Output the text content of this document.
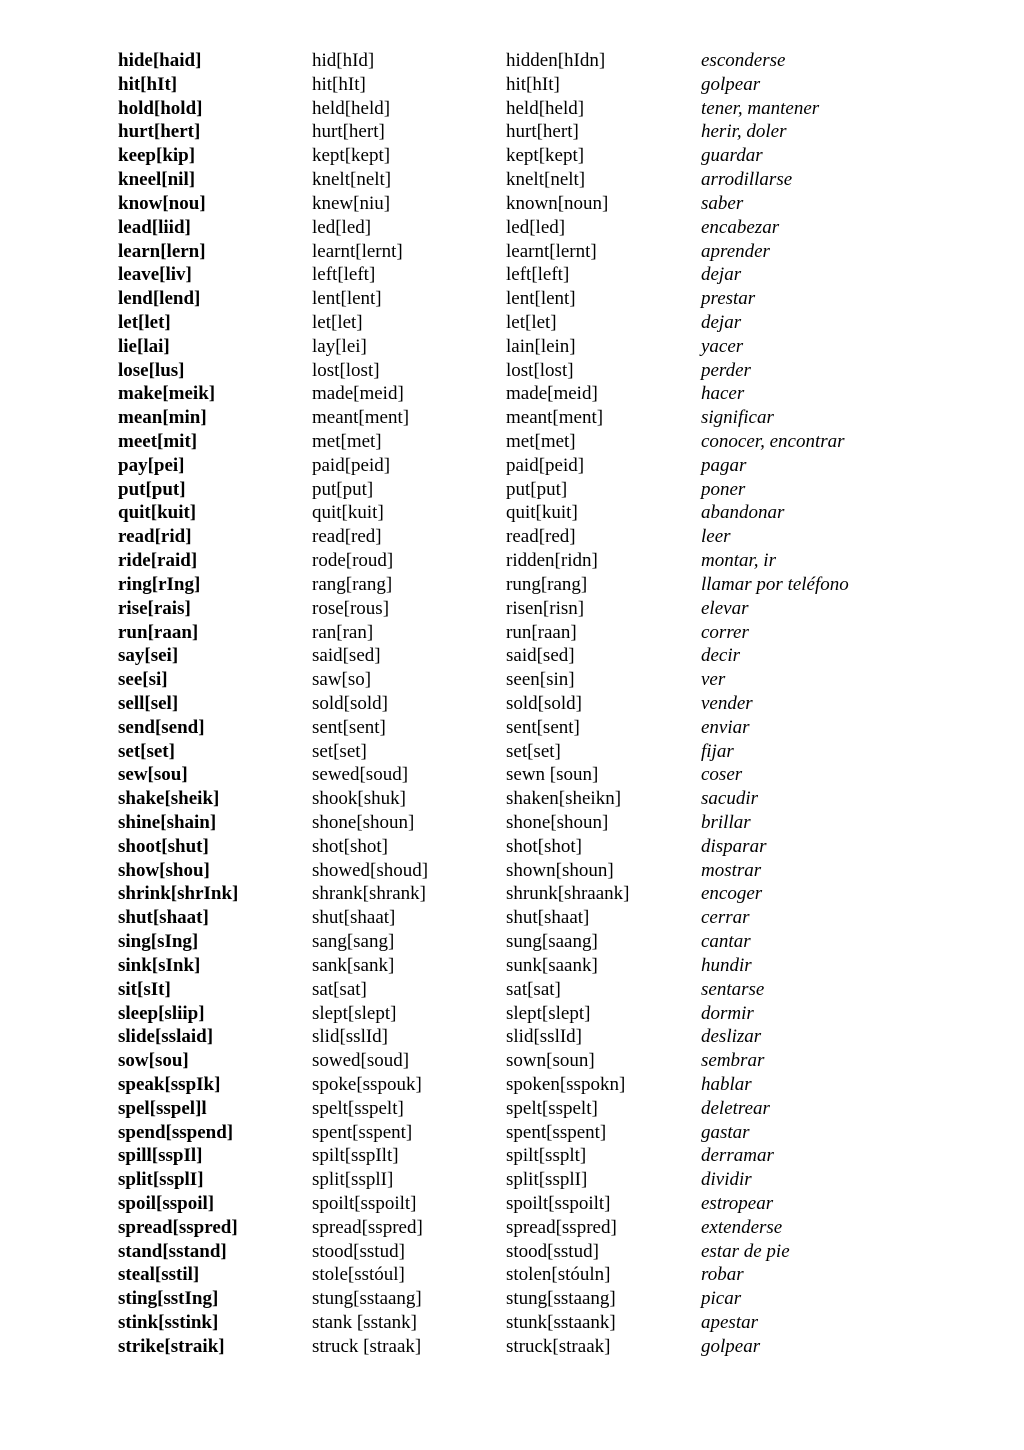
hide[haid]	hid[hId]	hidden[hIdn]	esconderse
hit[hIt]	hit[hIt]	hit[hIt]	golpear
hold[hold]	held[held]	held[held]	tener, mantener
hurt[hert]	hurt[hert]	hurt[hert]	herir, doler
keep[kip]	kept[kept]	kept[kept]	guardar
kneel[nil]	knelt[nelt]	knelt[nelt]	arrodillarse
know[nou]	knew[niu]	known[noun]	saber
lead[liid]	led[led]	led[led]	encabezar
learn[lern]	learnt[lernt]	learnt[lernt]	aprender
leave[liv]	left[left]	left[left]	dejar
lend[lend]	lent[lent]	lent[lent]	prestar
let[let]	let[let]	let[let]	dejar
lie[lai]	lay[lei]	lain[lein]	yacer
lose[lus]	lost[lost]	lost[lost]	perder
make[meik]	made[meid]	made[meid]	hacer
mean[min]	meant[ment]	meant[ment]	significar
meet[mit]	met[met]	met[met]	conocer, encontrar
pay[pei]	paid[peid]	paid[peid]	pagar
put[put]	put[put]	put[put]	poner
quit[kuit]	quit[kuit]	quit[kuit]	abandonar
read[rid]	read[red]	read[red]	leer
ride[raid]	rode[roud]	ridden[ridn]	montar, ir
ring[rIng]	rang[rang]	rung[rang]	llamar por teléfono
rise[rais]	rose[rous]	risen[risn]	elevar
run[raan]	ran[ran]	run[raan]	correr
say[sei]	said[sed]	said[sed]	decir
see[si]	saw[so]	seen[sin]	ver
sell[sel]	sold[sold]	sold[sold]	vender
send[send]	sent[sent]	sent[sent]	enviar
set[set]	set[set]	set[set]	fijar
sew[sou]	sewed[soud]	sewn [soun]	coser
shake[sheik]	shook[shuk]	shaken[sheikn]	sacudir
shine[shain]	shone[shoun]	shone[shoun]	brillar
shoot[shut]	shot[shot]	shot[shot]	disparar
show[shou]	showed[shoud]	shown[shoun]	mostrar
shrink[shrInk]	shrank[shrank]	shrunk[shraank]	encoger
shut[shaat]	shut[shaat]	shut[shaat]	cerrar
sing[sIng]	sang[sang]	sung[saang]	cantar
sink[sInk]	sank[sank]	sunk[saank]	hundir
sit[sIt]	sat[sat]	sat[sat]	sentarse
sleep[sliip]	slept[slept]	slept[slept]	dormir
slide[sslaid]	slid[sslId]	slid[sslId]	deslizar
sow[sou]	sowed[soud]	sown[soun]	sembrar
speak[sspIk]	spoke[sspouk]	spoken[sspokn]	hablar
spel[sspel]l	spelt[sspelt]	spelt[sspelt]	deletrear
spend[sspend]	spent[sspent]	spent[sspent]	gastar
spill[sspIl]	spilt[sspIlt]	spilt[ssplt]	derramar
split[ssplI]	split[ssplI]	split[ssplI]	dividir
spoil[sspoil]	spoilt[sspoilt]	spoilt[sspoilt]	estropear
spread[sspred]	spread[sspred]	spread[sspred]	extenderse
stand[sstand]	stood[sstud]	stood[sstud]	estar de pie
steal[sstil]	stole[sstóul]	stolen[stóuln]	robar
sting[sstIng]	stung[sstaang]	stung[sstaang]	picar
stink[sstink]	stank [sstank]	stunk[sstaank]	apestar
strike[straik]	struck [straak]	struck[straak]	golpear
